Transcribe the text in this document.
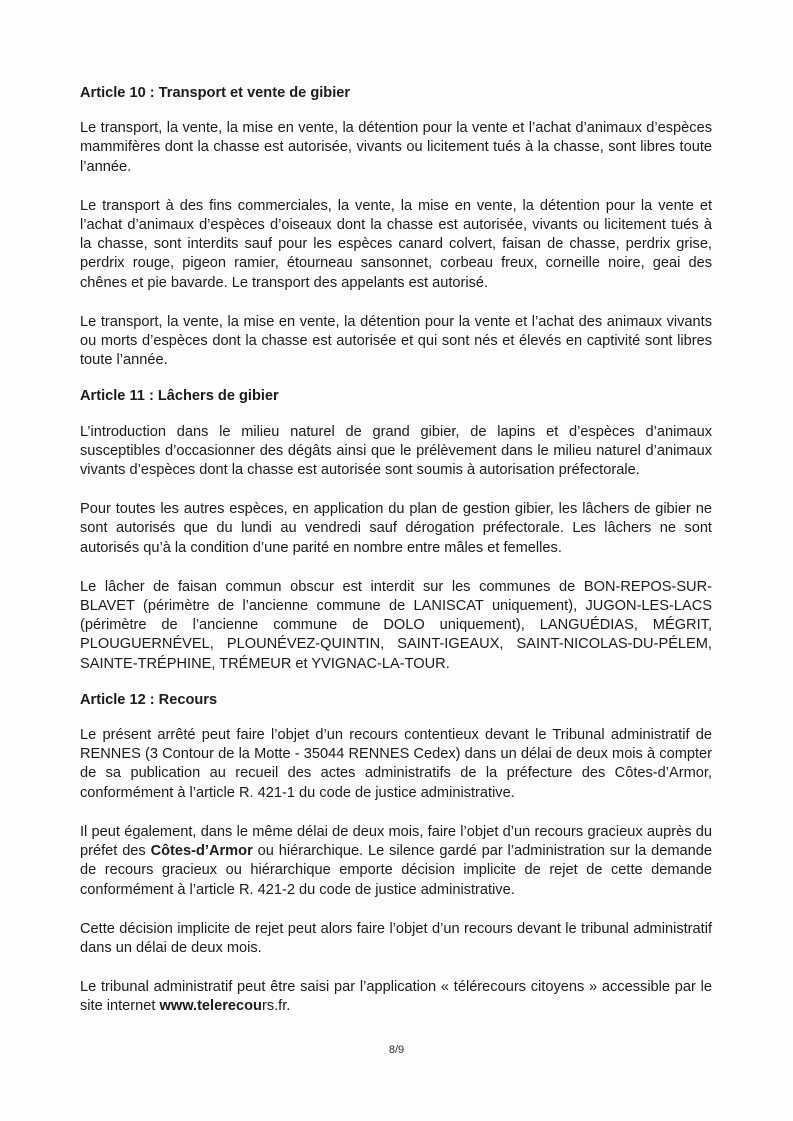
Article 10 : Transport et vente de gibier

Le transport, la vente, la mise en vente, la détention pour la vente et l’achat d’animaux d’espèces mammifères dont la chasse est autorisée, vivants ou licitement tués à la chasse, sont libres toute l’année.

Le transport à des fins commerciales, la vente, la mise en vente, la détention pour la vente et l’achat d’animaux d’espèces d’oiseaux dont la chasse est autorisée, vivants ou licitement tués à la chasse, sont interdits sauf pour les espèces canard colvert, faisan de chasse, perdrix grise, perdrix rouge, pigeon ramier, étourneau sansonnet, corbeau freux, corneille noire, geai des chênes et pie bavarde. Le transport des appelants est autorisé.

Le transport, la vente, la mise en vente, la détention pour la vente et l’achat des animaux vivants ou morts d’espèces dont la chasse est autorisée et qui sont nés et élevés en captivité sont libres toute l’année.

Article 11 : Lâchers de gibier

L’introduction dans le milieu naturel de grand gibier, de lapins et d’espèces d’animaux susceptibles d’occasionner des dégâts ainsi que le prélèvement dans le milieu naturel d’animaux vivants d’espèces dont la chasse est autorisée sont soumis à autorisation préfectorale.

Pour toutes les autres espèces, en application du plan de gestion gibier, les lâchers de gibier ne sont autorisés que du lundi au vendredi sauf dérogation préfectorale. Les lâchers ne sont autorisés qu’à la condition d’une parité en nombre entre mâles et femelles.

Le lâcher de faisan commun obscur est interdit sur les communes de BON-REPOS-SUR-BLAVET (périmètre de l’ancienne commune de LANISCAT uniquement), JUGON-LES-LACS (périmètre de l’ancienne commune de DOLO uniquement), LANGUÉDIAS, MÉGRIT, PLOUGUERNÉVEL, PLOUNÉVEZ-QUINTIN, SAINT-IGEAUX, SAINT-NICOLAS-DU-PÉLEM, SAINTE-TRÉPHINE, TRÉMEUR et YVIGNAC-LA-TOUR.

Article 12 : Recours

Le présent arrêté peut faire l’objet d’un recours contentieux devant le Tribunal administratif de RENNES (3 Contour de la Motte - 35044 RENNES Cedex) dans un délai de deux mois à compter de sa publication au recueil des actes administratifs de la préfecture des Côtes-d’Armor, conformément à l’article R. 421-1 du code de justice administrative.

Il peut également, dans le même délai de deux mois, faire l’objet d’un recours gracieux auprès du préfet des Côtes-d’Armor ou hiérarchique. Le silence gardé par l’administration sur la demande de recours gracieux ou hiérarchique emporte décision implicite de rejet de cette demande conformément à l’article R. 421-2 du code de justice administrative.

Cette décision implicite de rejet peut alors faire l’objet d’un recours devant le tribunal administratif dans un délai de deux mois.

Le tribunal administratif peut être saisi par l’application « télérecours citoyens » accessible par le site internet www.telerecours.fr.

8/9
